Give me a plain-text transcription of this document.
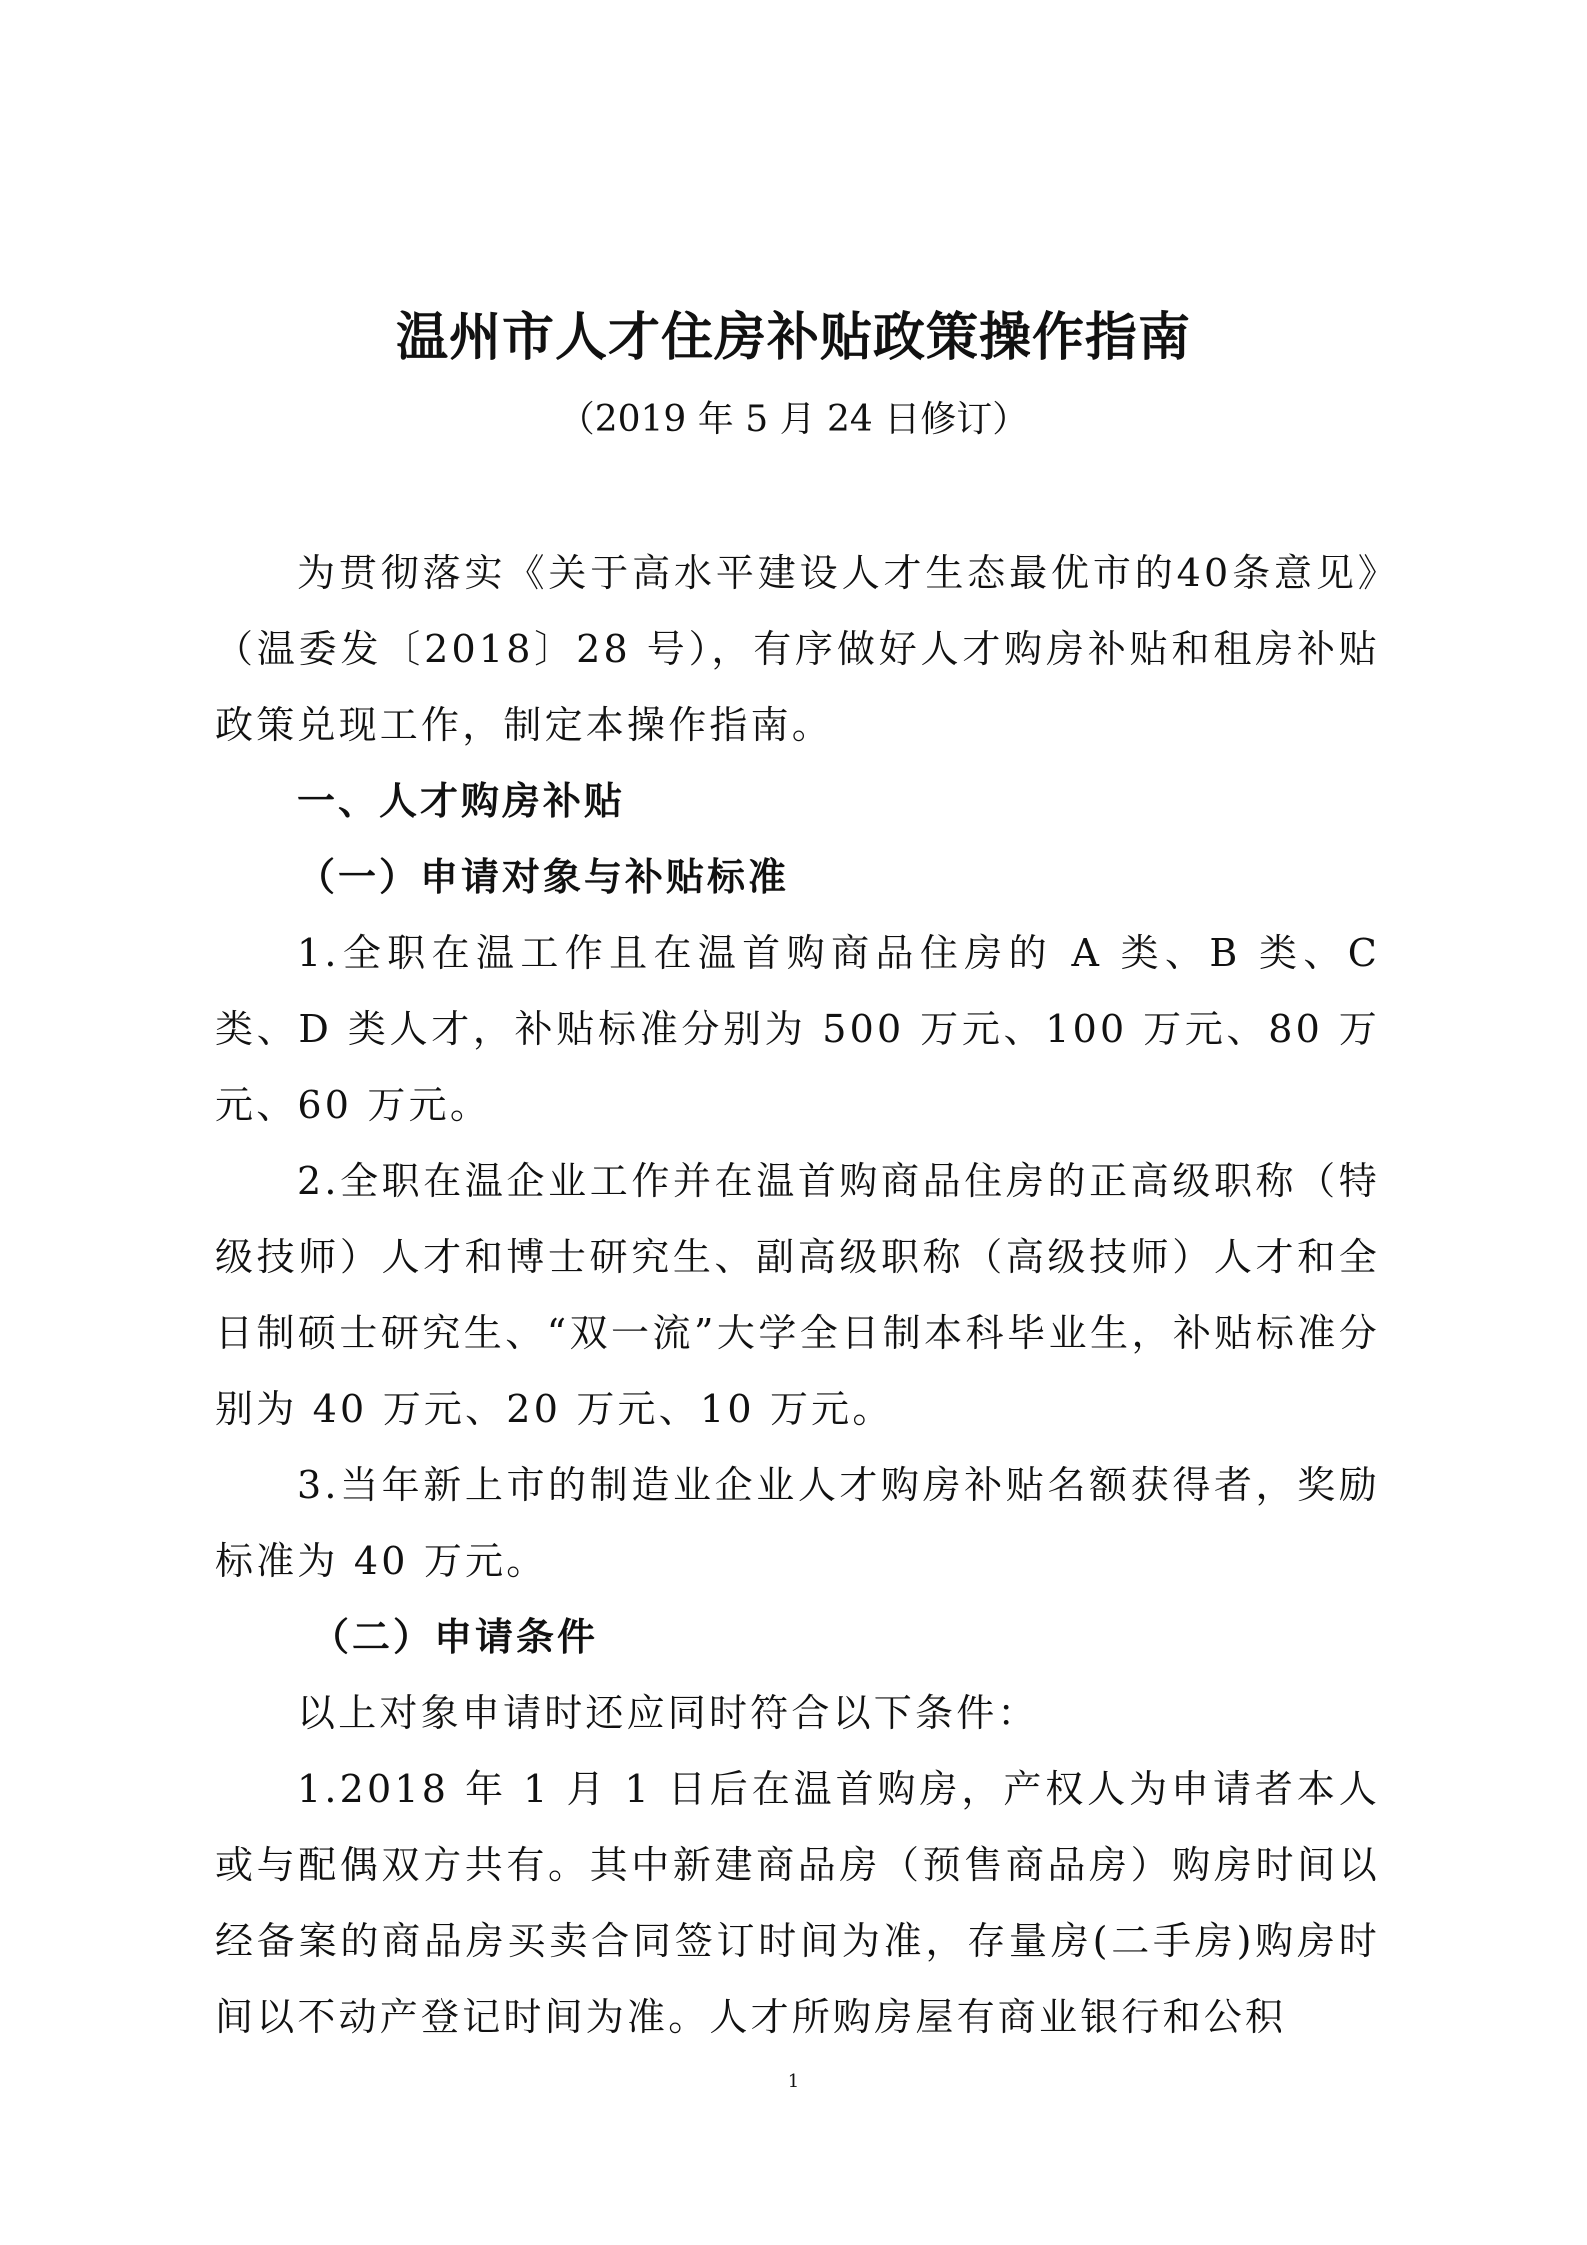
温州市人才住房补贴政策操作指南

（2019 年 5 月 24 日修订）

为贯彻落实《关于高水平建设人才生态最优市的40条意见》（温委发〔2018〕28 号），有序做好人才购房补贴和租房补贴政策兑现工作，制定本操作指南。

一、人才购房补贴

（一）申请对象与补贴标准

1.全职在温工作且在温首购商品住房的 A 类、B 类、C 类、D 类人才，补贴标准分别为 500 万元、100 万元、80 万元、60 万元。

2.全职在温企业工作并在温首购商品住房的正高级职称（特级技师）人才和博士研究生、副高级职称（高级技师）人才和全日制硕士研究生、“双一流”大学全日制本科毕业生，补贴标准分别为 40 万元、20 万元、10 万元。

3.当年新上市的制造业企业人才购房补贴名额获得者，奖励标准为 40 万元。

（二）申请条件

以上对象申请时还应同时符合以下条件：

1.2018 年 1 月 1 日后在温首购房，产权人为申请者本人或与配偶双方共有。其中新建商品房（预售商品房）购房时间以经备案的商品房买卖合同签订时间为准，存量房(二手房)购房时间以不动产登记时间为准。人才所购房屋有商业银行和公积

1
